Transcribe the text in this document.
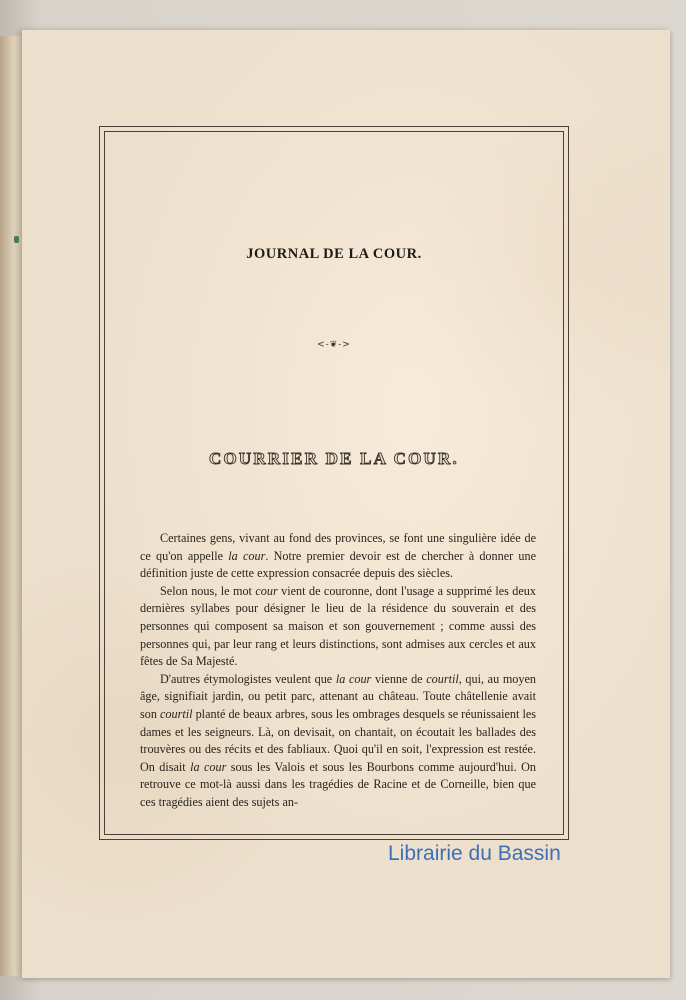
JOURNAL DE LA COUR.
<-❦->
COURRIER DE LA COUR.

Certaines gens, vivant au fond des provinces, se font une singulière idée de ce qu'on appelle la cour. Notre premier devoir est de chercher à donner une définition juste de cette expression consacrée depuis des siècles.

Selon nous, le mot cour vient de couronne, dont l'usage a supprimé les deux dernières syllabes pour désigner le lieu de la résidence du souverain et des personnes qui composent sa maison et son gouvernement ; comme aussi des personnes qui, par leur rang et leurs distinctions, sont admises aux cercles et aux fêtes de Sa Majesté.

D'autres étymologistes veulent que la cour vienne de courtil, qui, au moyen âge, signifiait jardin, ou petit parc, attenant au château. Toute châtellenie avait son courtil planté de beaux arbres, sous les ombrages desquels se réunissaient les dames et les seigneurs. Là, on devisait, on chantait, on écoutait les ballades des trouvères ou des récits et des fabliaux. Quoi qu'il en soit, l'expression est restée. On disait la cour sous les Valois et sous les Bourbons comme aujourd'hui. On retrouve ce mot-là aussi dans les tragédies de Racine et de Corneille, bien que ces tragédies aient des sujets an-

Librairie du Bassin
